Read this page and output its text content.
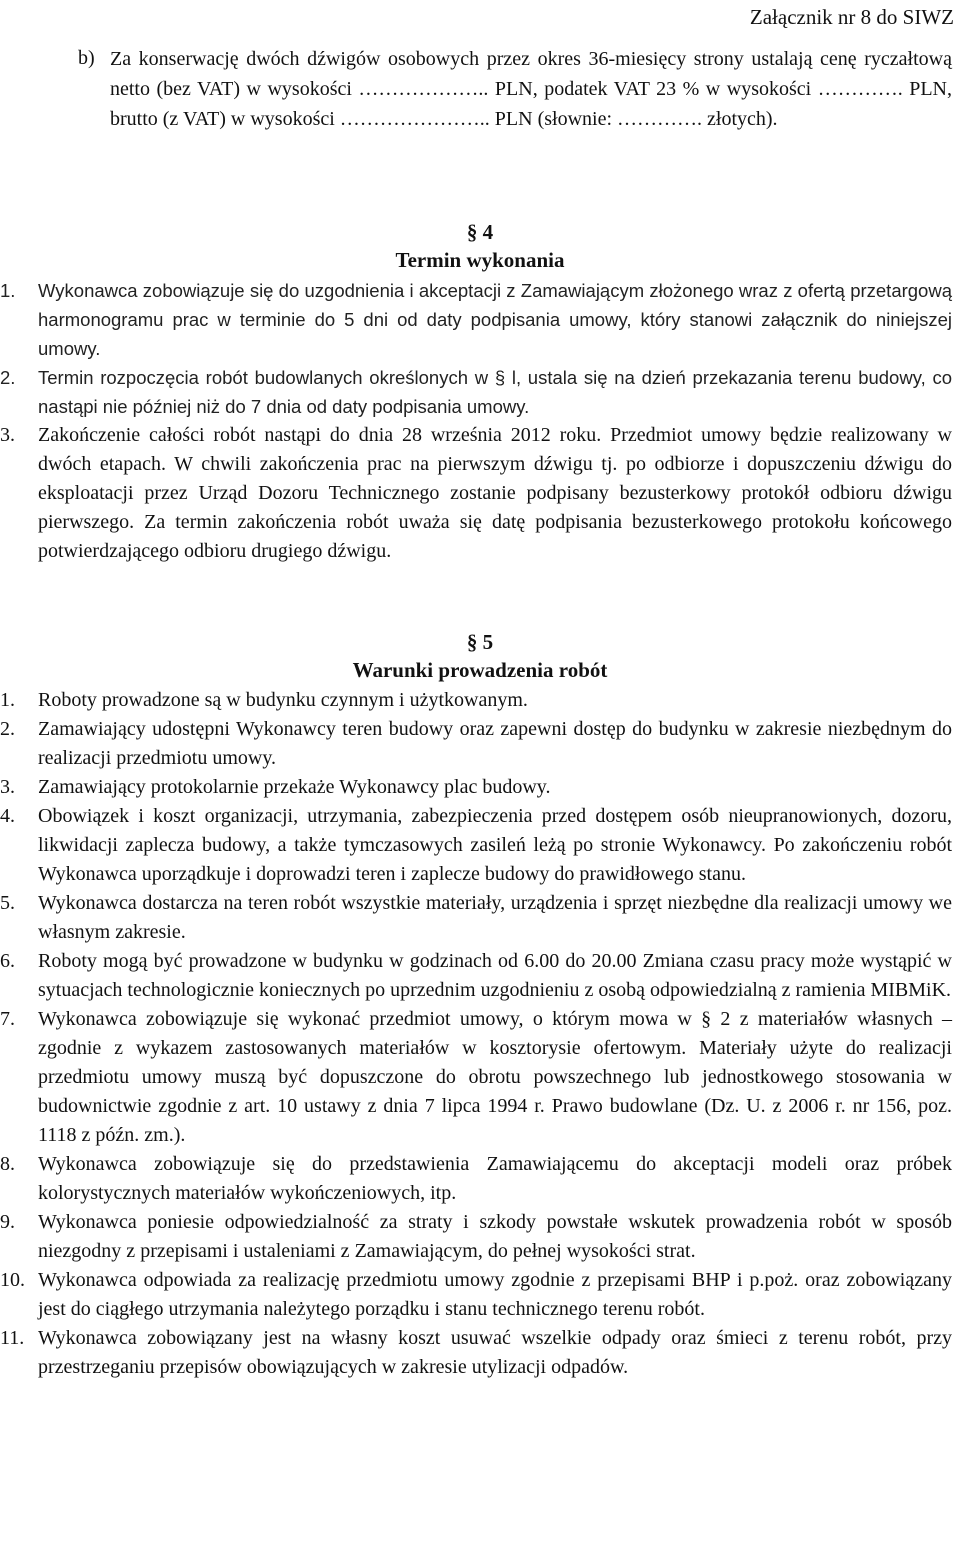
Załącznik nr 8 do SIWZ
b) Za konserwację dwóch dźwigów osobowych przez okres 36-miesięcy strony ustalają cenę ryczałtową netto (bez VAT) w wysokości ……………….. PLN, podatek VAT 23 % w wysokości …………. PLN, brutto (z VAT) w wysokości ………………….. PLN (słownie: …………. złotych).
§ 4
Termin wykonania
1.	Wykonawca zobowiązuje się do uzgodnienia i akceptacji z Zamawiającym złożonego wraz z ofertą przetargową harmonogramu prac w terminie do 5 dni od daty podpisania umowy, który stanowi załącznik do niniejszej umowy.
2.	Termin rozpoczęcia robót budowlanych określonych w § l, ustala się na dzień przekazania terenu budowy, co nastąpi nie później niż do 7 dnia od daty podpisania umowy.
3.	Zakończenie całości robót nastąpi do dnia 28 września 2012 roku. Przedmiot umowy będzie realizowany w dwóch etapach. W chwili zakończenia prac na pierwszym dźwigu tj. po odbiorze i dopuszczeniu dźwigu do eksploatacji przez Urząd Dozoru Technicznego zostanie podpisany bezusterkowy protokół odbioru dźwigu pierwszego. Za termin zakończenia robót uważa się datę podpisania bezusterkowego protokołu końcowego potwierdzającego odbioru drugiego dźwigu.
§ 5
Warunki prowadzenia robót
1.	Roboty prowadzone są w budynku czynnym i użytkowanym.
2.	Zamawiający udostępni Wykonawcy teren budowy oraz zapewni dostęp do budynku w zakresie niezbędnym do realizacji przedmiotu umowy.
3.	Zamawiający protokolarnie przekaże Wykonawcy plac budowy.
4.	Obowiązek i koszt organizacji, utrzymania, zabezpieczenia przed dostępem osób nieupranowionych, dozoru, likwidacji zaplecza budowy, a także tymczasowych zasileń leżą po stronie Wykonawcy. Po zakończeniu robót Wykonawca uporządkuje i doprowadzi teren i zaplecze budowy do prawidłowego stanu.
5.	Wykonawca dostarcza na teren robót wszystkie materiały, urządzenia i sprzęt niezbędne dla realizacji umowy we własnym zakresie.
6.	Roboty mogą być prowadzone w budynku w godzinach od 6.00 do 20.00 Zmiana czasu pracy może wystąpić w sytuacjach technologicznie koniecznych po uprzednim uzgodnieniu z osobą odpowiedzialną z ramienia MIBMiK.
7.	Wykonawca zobowiązuje się wykonać przedmiot umowy, o którym mowa w § 2 z materiałów własnych – zgodnie z wykazem zastosowanych materiałów w kosztorysie ofertowym. Materiały użyte do realizacji przedmiotu umowy muszą być dopuszczone do obrotu powszechnego lub jednostkowego stosowania w budownictwie zgodnie z art. 10 ustawy z dnia 7 lipca 1994 r. Prawo budowlane (Dz. U. z 2006 r. nr 156, poz. 1118 z późn. zm.).
8.	Wykonawca zobowiązuje się do przedstawienia Zamawiającemu do akceptacji modeli oraz próbek kolorystycznych materiałów wykończeniowych, itp.
9.	Wykonawca poniesie odpowiedzialność za straty i szkody powstałe wskutek prowadzenia robót w sposób niezgodny z przepisami i ustaleniami z Zamawiającym, do pełnej wysokości strat.
10. Wykonawca odpowiada za realizację przedmiotu umowy zgodnie z przepisami BHP i p.poż. oraz zobowiązany jest do ciągłego utrzymania należytego porządku i stanu technicznego terenu robót.
11. Wykonawca zobowiązany jest na własny koszt usuwać wszelkie odpady oraz śmieci z terenu robót, przy przestrzeganiu przepisów obowiązujących w zakresie utylizacji odpadów.
